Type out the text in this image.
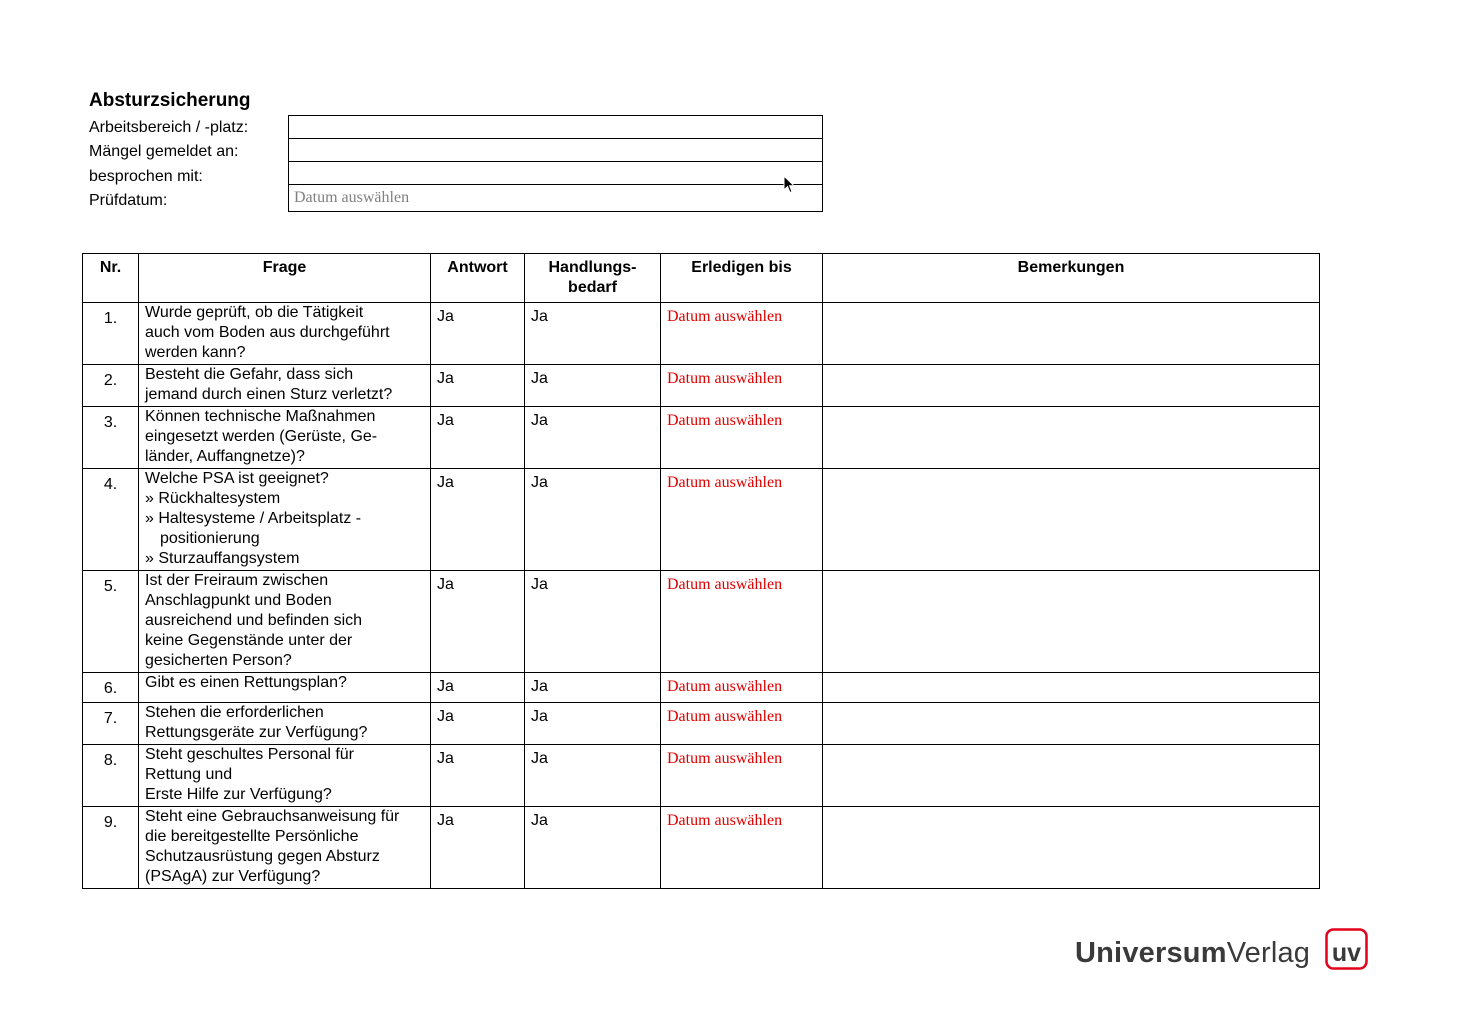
Absturzsicherung
Arbeitsbereich / -platz:
Mängel gemeldet an:
besprochen mit:
Prüfdatum:	Datum auswählen
Nr.	Frage	Antwort	Handlungs-
bedarf	Erledigen bis	Bemerkungen
1.	Wurde geprüft, ob die Tätigkeit
auch vom Boden aus durchgeführt
werden kann?	Ja	Ja	Datum auswählen	
2.	Besteht die Gefahr, dass sich
jemand durch einen Sturz verletzt?	Ja	Ja	Datum auswählen	
3.	Können technische Maßnahmen
eingesetzt werden (Gerüste, Ge-
länder, Auffangnetze)?	Ja	Ja	Datum auswählen	
4.	Welche PSA ist geeignet?
» Rückhaltesystem
» Haltesysteme / Arbeitsplatz -
positionierung
» Sturzauffangsystem	Ja	Ja	Datum auswählen	
5.	Ist der Freiraum zwischen
Anschlagpunkt und Boden
ausreichend und befinden sich
keine Gegenstände unter der
gesicherten Person?	Ja	Ja	Datum auswählen	
6.	Gibt es einen Rettungsplan?	Ja	Ja	Datum auswählen	
7.	Stehen die erforderlichen
Rettungsgeräte zur Verfügung?	Ja	Ja	Datum auswählen	
8.	Steht geschultes Personal für
Rettung und
Erste Hilfe zur Verfügung?	Ja	Ja	Datum auswählen	
9.	Steht eine Gebrauchsanweisung für
die bereitgestellte Persönliche
Schutzausrüstung gegen Absturz
(PSAgA) zur Verfügung?	Ja	Ja	Datum auswählen	
UniversumVerlag uv
